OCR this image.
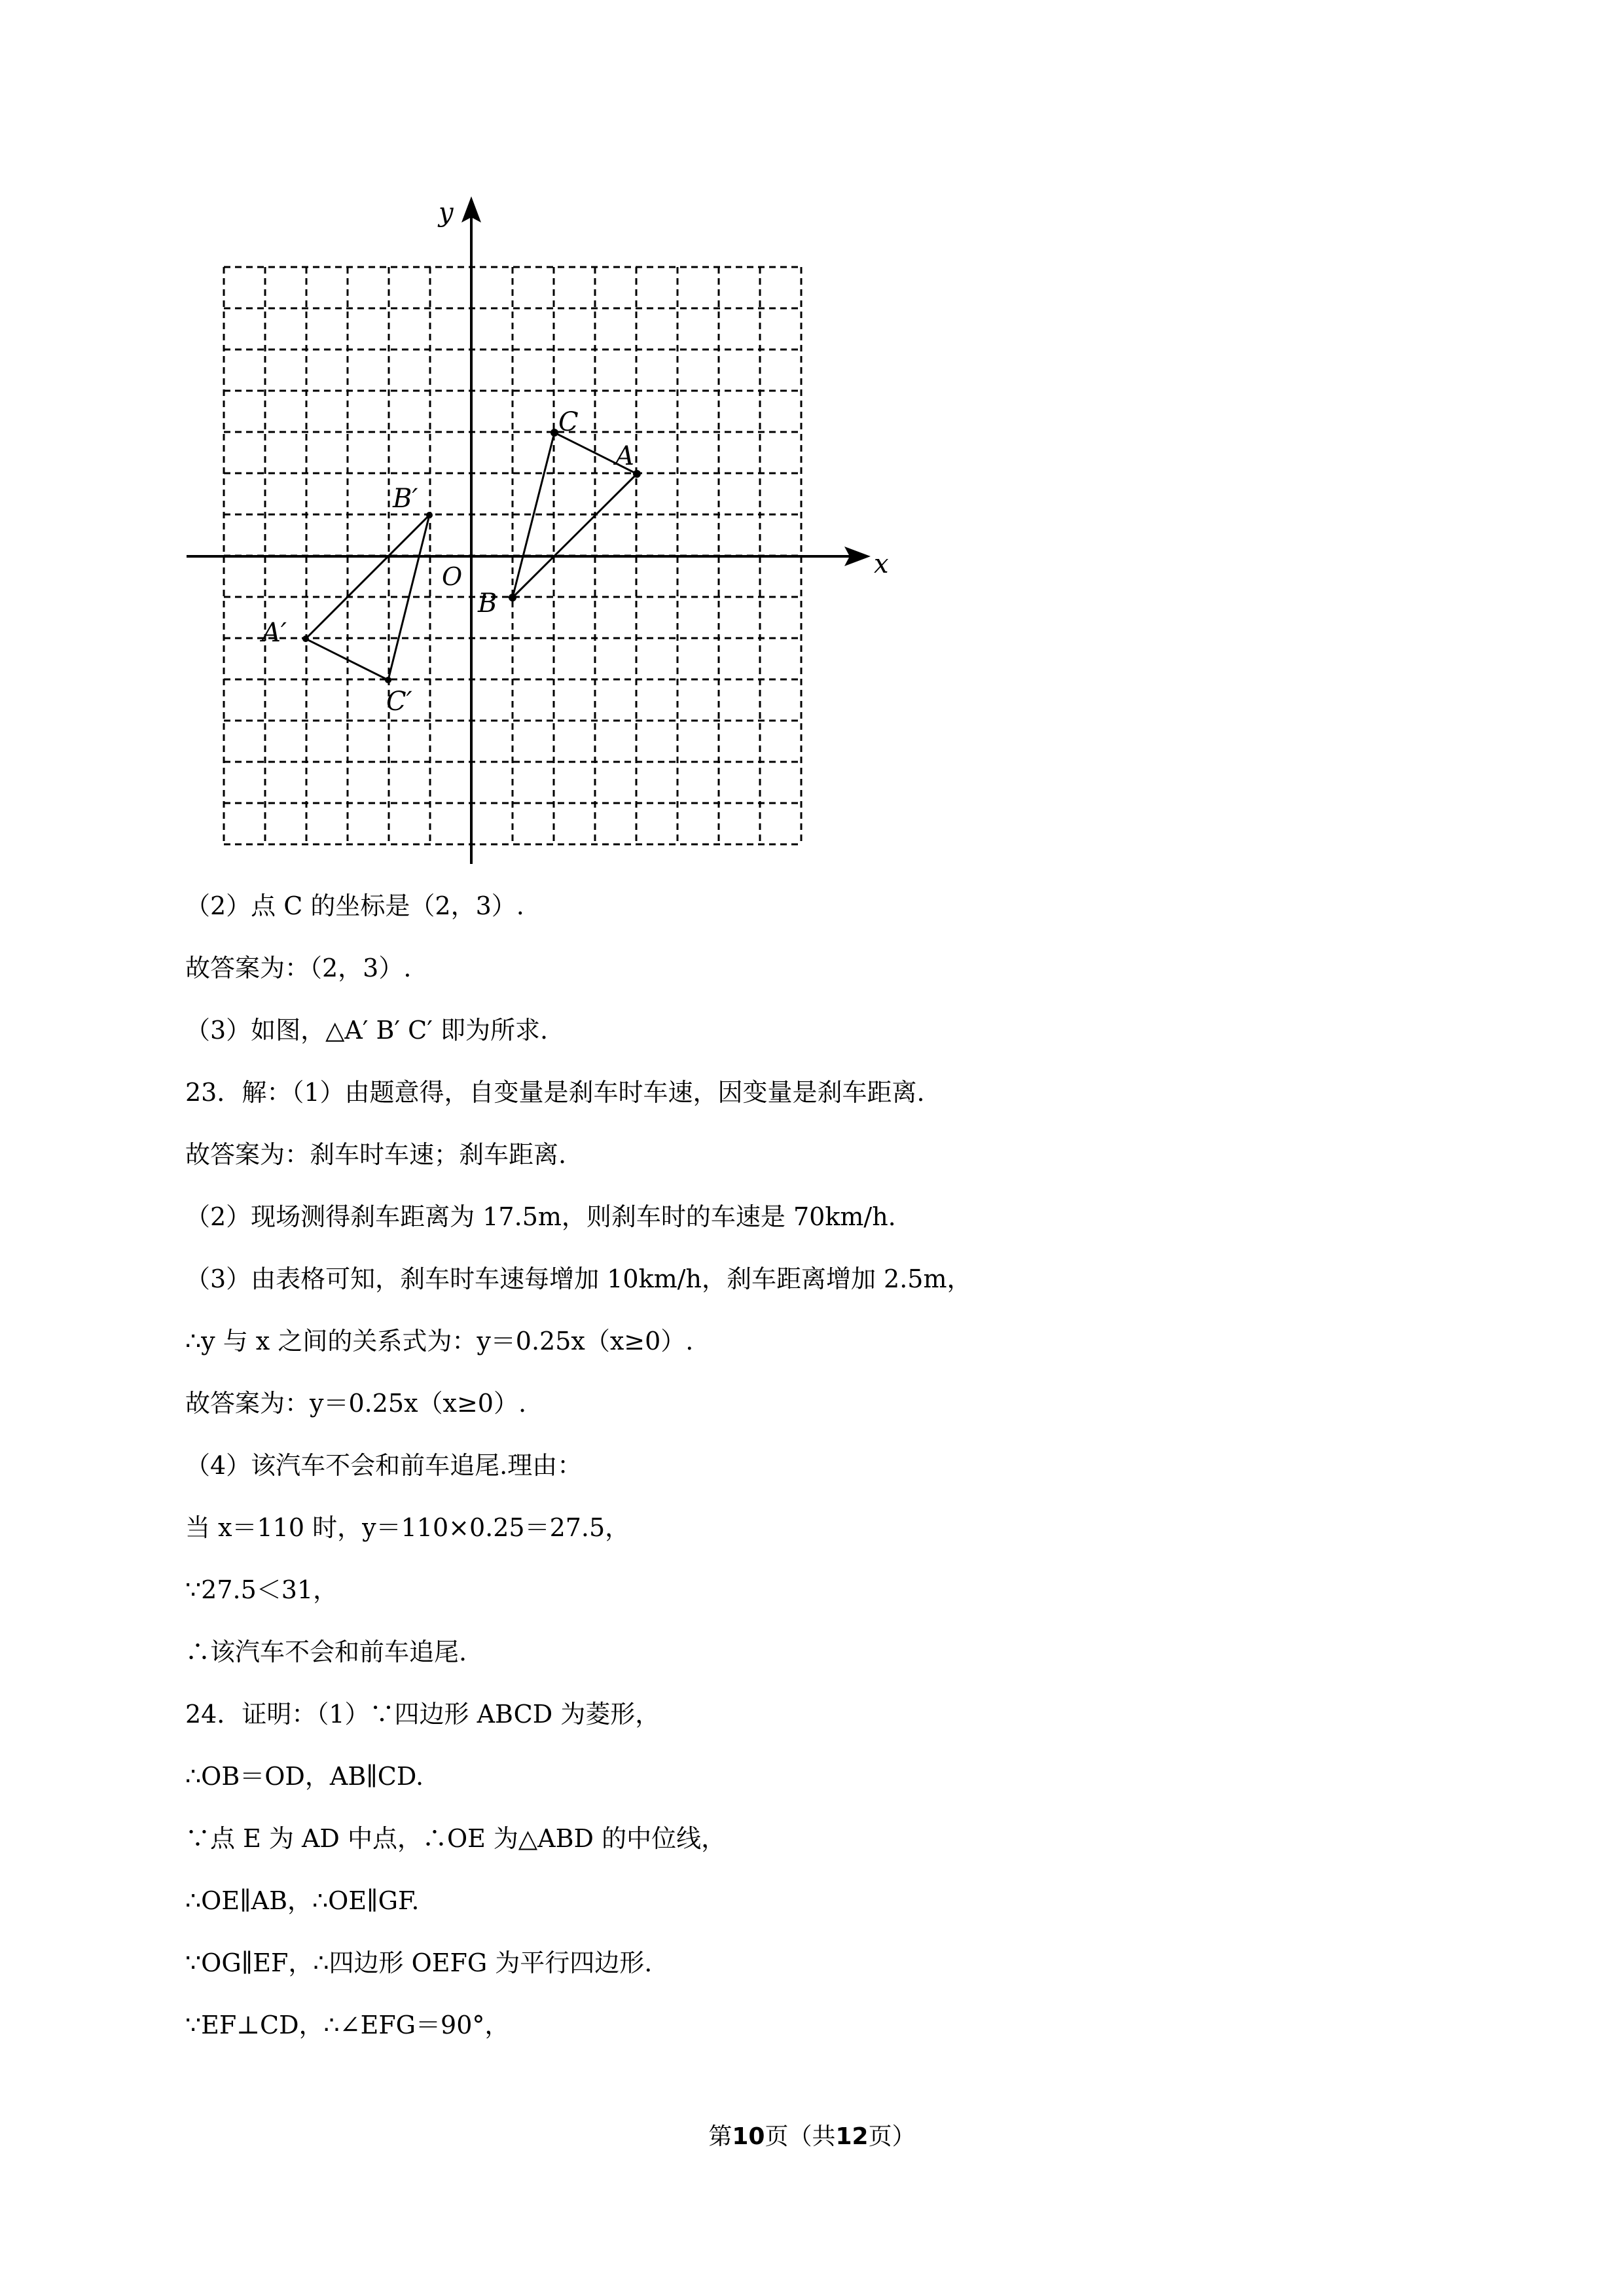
x
y
O
A
B
C
A′
B′
C′
（2）点 C 的坐标是（2，3）.
故答案为：（2，3）.
（3）如图，△A′ B′ C′ 即为所求.
23．解：（1）由题意得，自变量是刹车时车速，因变量是刹车距离.
故答案为：刹车时车速；刹车距离.
（2）现场测得刹车距离为 17.5m，则刹车时的车速是 70km/h.
（3）由表格可知，刹车时车速每增加 10km/h，刹车距离增加 2.5m，
∴y 与 x 之间的关系式为：y＝0.25x（x≥0）.
故答案为：y＝0.25x（x≥0）.
（4）该汽车不会和前车追尾.理由：
当 x＝110 时，y＝110×0.25＝27.5，
∵27.5＜31，
∴该汽车不会和前车追尾.
24．证明：（1）∵四边形 ABCD 为菱形，
∴OB＝OD，AB∥CD.
∵点 E 为 AD 中点，∴OE 为△ABD 的中位线，
∴OE∥AB，∴OE∥GF.
∵OG∥EF，∴四边形 OEFG 为平行四边形.
∵EF⊥CD，∴∠EFG＝90°，
第10页（共12页）
